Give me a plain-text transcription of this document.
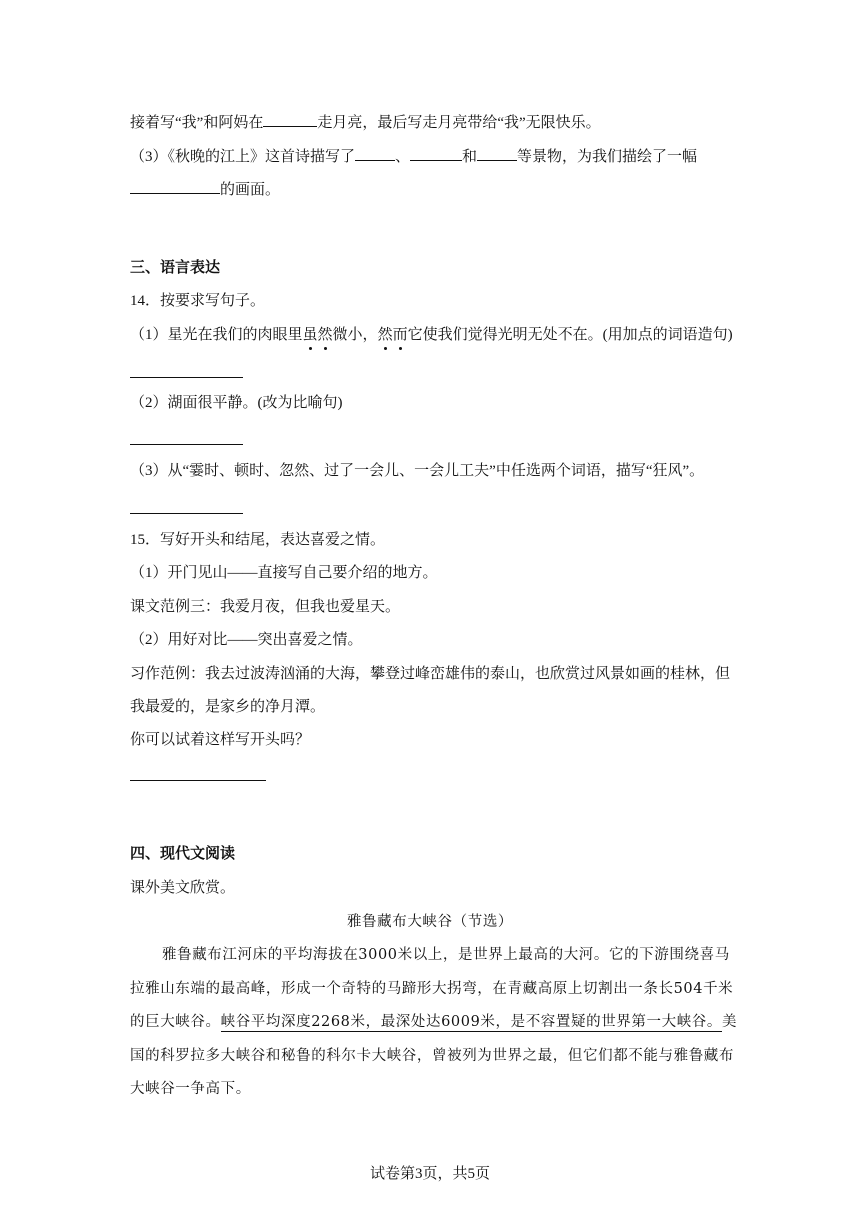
接着写“我”和阿妈在	走月亮，最后写走月亮带给“我”无限快乐。
（3）《秋晚的江上》这首诗描写了	、	和	等景物，为我们描绘了一幅
的画面。
三、语言表达
14．按要求写句子。
（1）星光在我们的肉眼里虽然微小，然而它使我们觉得光明无处不在。(用加点的词语造句)
（2）湖面很平静。(改为比喻句)
（3）从“霎时、顿时、忽然、过了一会儿、一会儿工夫”中任选两个词语，描写“狂风”。
15．写好开头和结尾，表达喜爱之情。
（1）开门见山——直接写自己要介绍的地方。
课文范例三：我爱月夜，但我也爱星天。
（2）用好对比——突出喜爱之情。
习作范例：我去过波涛汹涌的大海，攀登过峰峦雄伟的泰山，也欣赏过风景如画的桂林，但
我最爱的，是家乡的净月潭。
你可以试着这样写开头吗？
四、现代文阅读
课外美文欣赏。
雅鲁藏布大峡谷（节选）
雅鲁藏布江河床的平均海拔在3000米以上，是世界上最高的大河。它的下游围绕喜马
拉雅山东端的最高峰，形成一个奇特的马蹄形大拐弯，在青藏高原上切割出一条长504千米
的巨大峡谷。峡谷平均深度2268米，最深处达6009米，是不容置疑的世界第一大峡谷。美
国的科罗拉多大峡谷和秘鲁的科尔卡大峡谷，曾被列为世界之最，但它们都不能与雅鲁藏布
大峡谷一争高下。
试卷第3页，共5页
